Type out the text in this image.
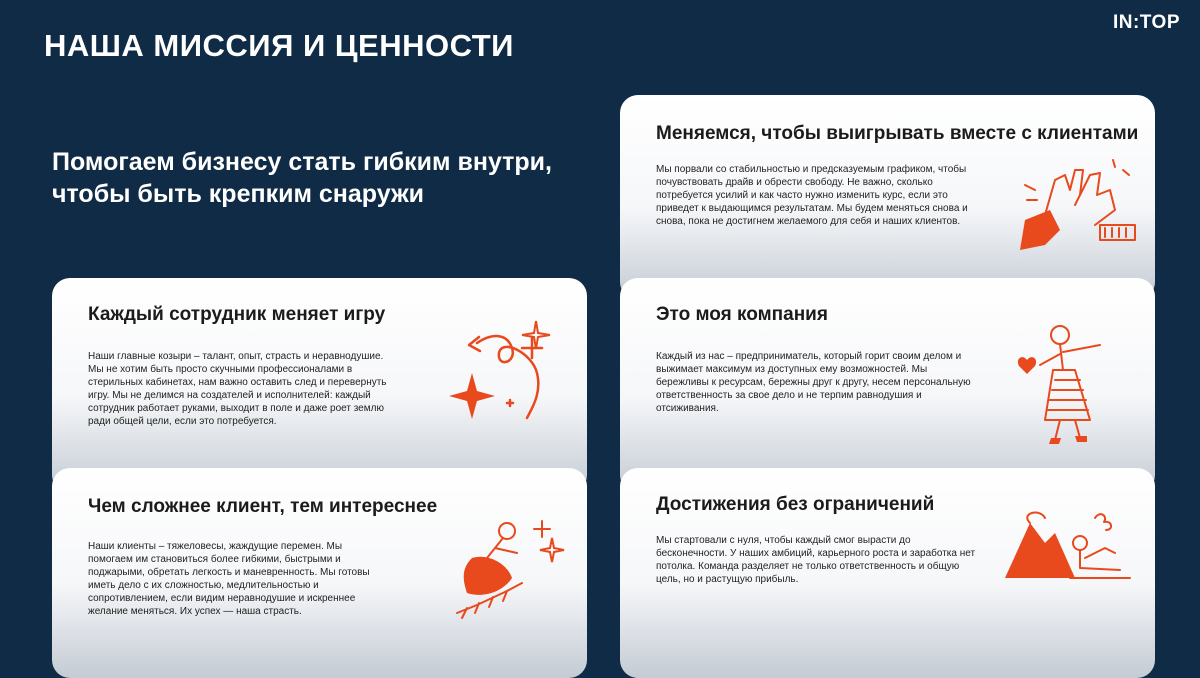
НАША МИССИЯ И ЦЕННОСТИ
IN:TOP
Помогаем бизнесу стать гибким внутри,
чтобы быть крепким снаружи
Каждый сотрудник меняет игру
Наши главные козыри – талант, опыт, страсть и неравнодушие. Мы не хотим быть просто скучными профессионалами в стерильных кабинетах, нам важно оставить след и перевернуть игру. Мы не делимся на создателей и исполнителей: каждый сотрудник работает руками, выходит в поле и даже роет землю ради общей цели, если это потребуется.
Чем сложнее клиент, тем интереснее
Наши клиенты – тяжеловесы, жаждущие перемен. Мы помогаем им становиться более гибкими, быстрыми и поджарыми, обретать легкость и маневренность. Мы готовы иметь дело с их сложностью, медлительностью и сопротивлением, если видим неравнодушие и искреннее желание меняться. Их успех — наша страсть.
Меняемся, чтобы выигрывать вместе с клиентами
Мы порвали со стабильностью и предсказуемым графиком, чтобы почувствовать драйв и обрести свободу. Не важно, сколько потребуется усилий и как часто нужно изменить курс, если это приведет к выдающимся результатам. Мы будем меняться снова и снова, пока не достигнем желаемого для себя и наших клиентов.
Это моя компания
Каждый из нас – предприниматель, который горит своим делом и выжимает максимум из доступных ему возможностей. Мы бережливы к ресурсам, бережны друг к другу, несем персональную ответственность за свое дело и не терпим равнодушия и отсиживания.
Достижения без ограничений
Мы стартовали с нуля, чтобы каждый смог вырасти до бесконечности. У наших амбиций, карьерного роста и заработка нет потолка. Команда разделяет не только ответственность и общую цель, но и растущую прибыль.
